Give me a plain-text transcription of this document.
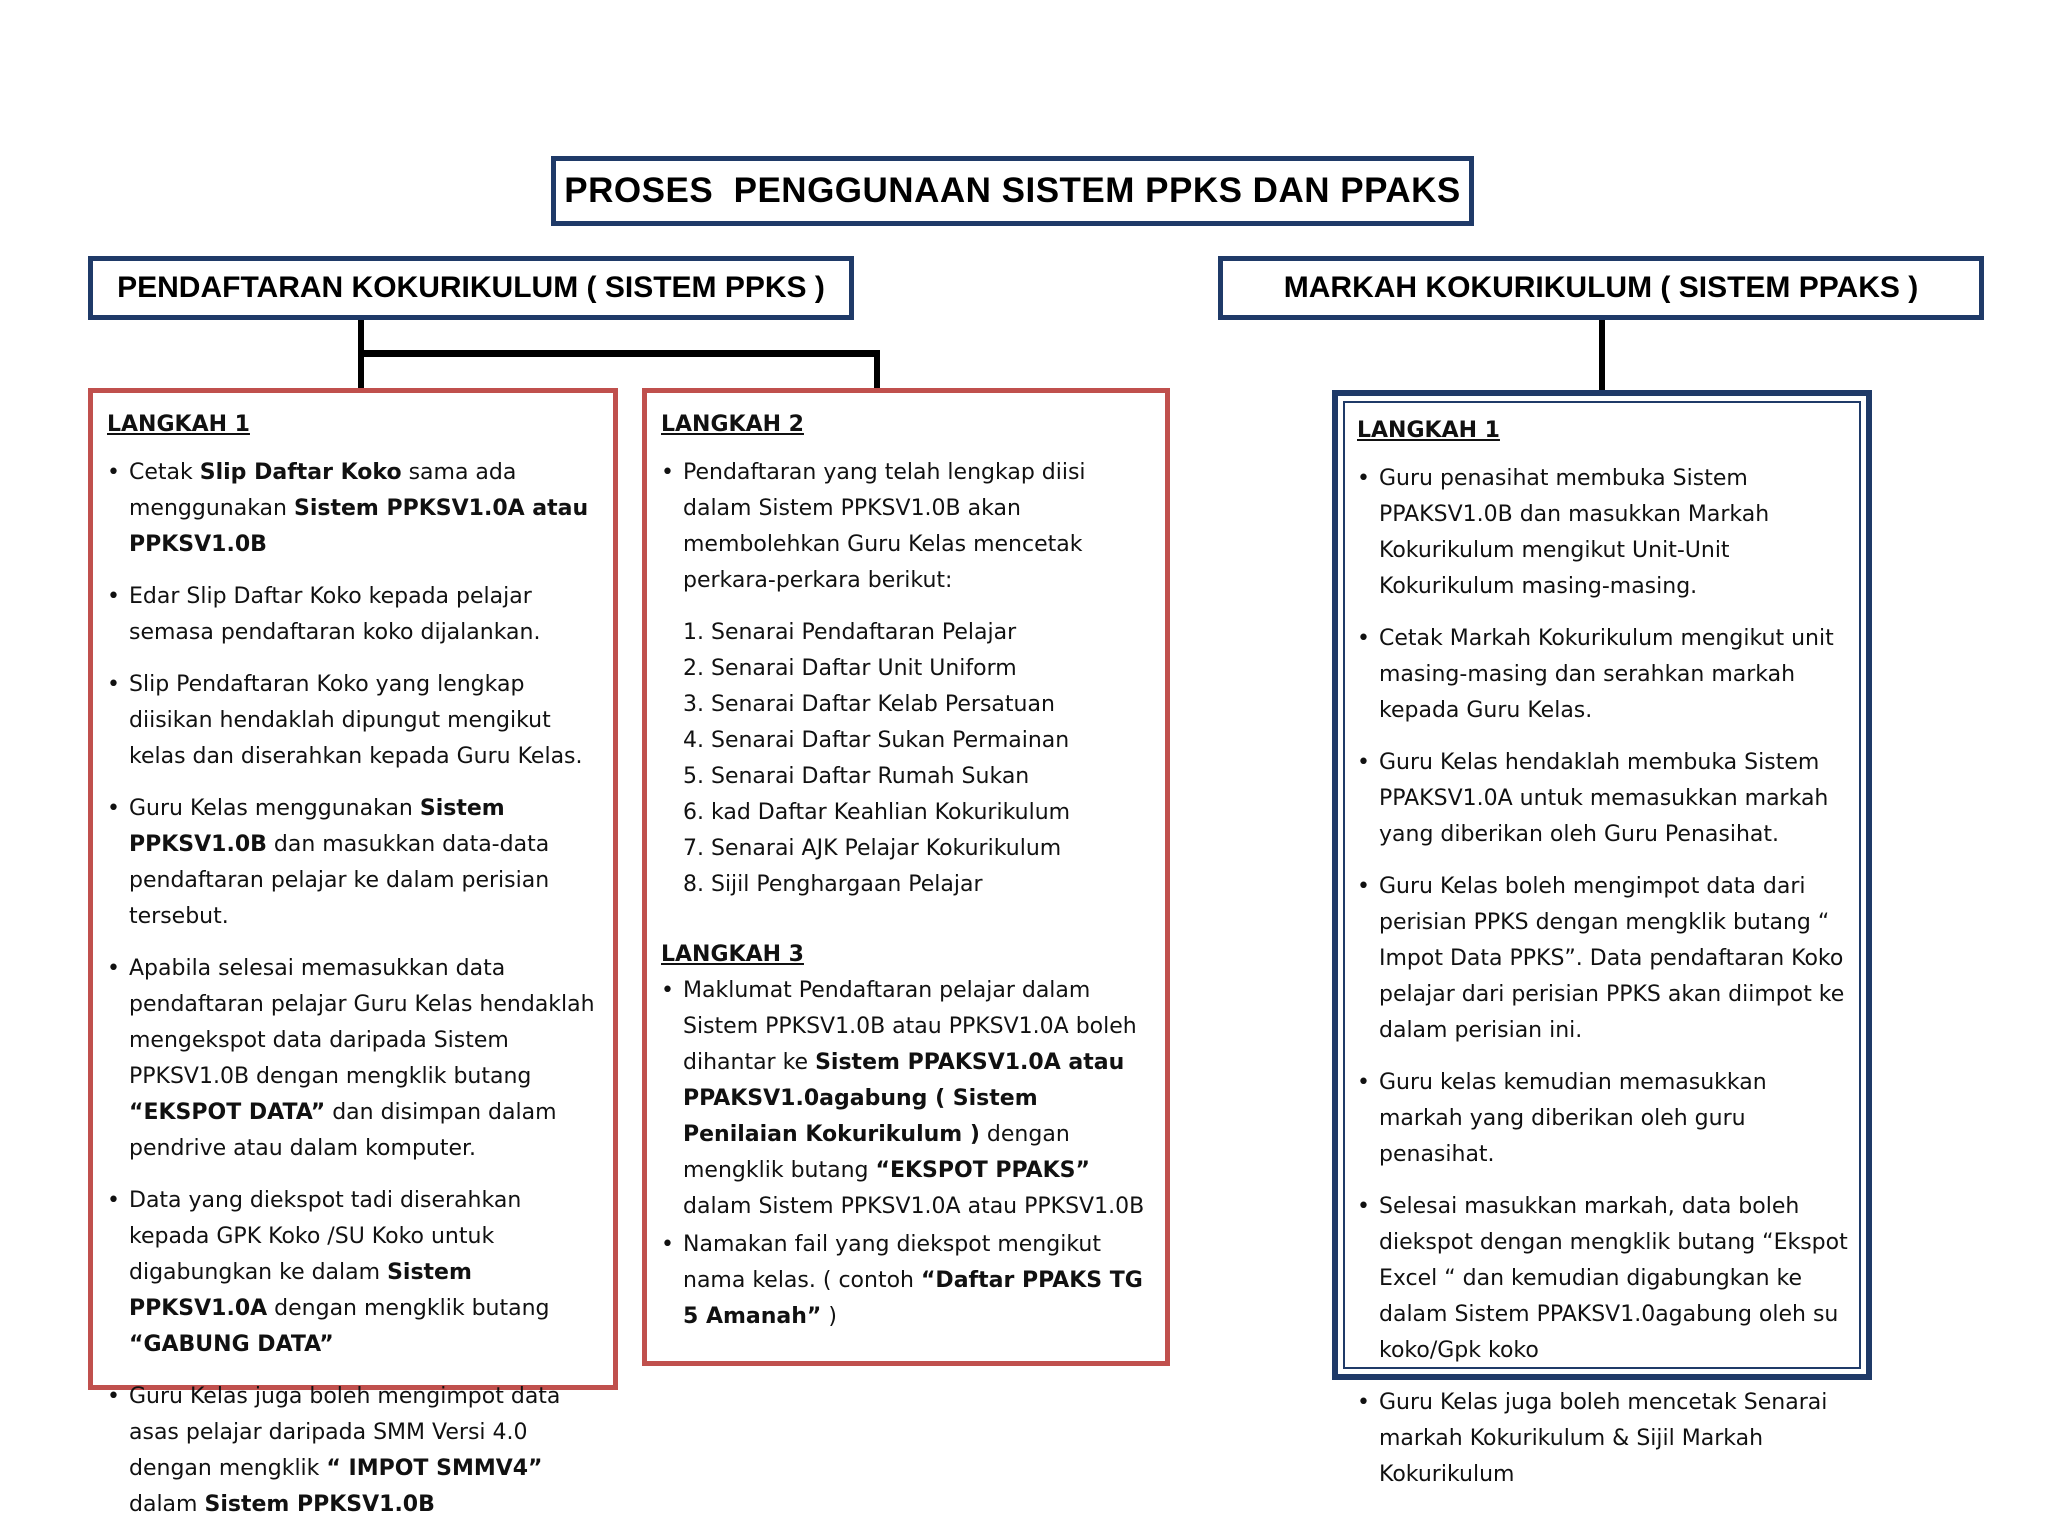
PROSES  PENGGUNAAN SISTEM PPKS DAN PPAKS
PENDAFTARAN KOKURIKULUM ( SISTEM PPKS )	MARKAH KOKURIKULUM ( SISTEM PPAKS )
LANGKAH 1
• Cetak Slip Daftar Koko sama ada menggunakan Sistem PPKSV1.0A atau PPKSV1.0B
• Edar Slip Daftar Koko kepada pelajar semasa pendaftaran koko dijalankan.
• Slip Pendaftaran Koko yang lengkap diisikan hendaklah dipungut mengikut kelas dan diserahkan kepada Guru Kelas.
• Guru Kelas menggunakan Sistem PPKSV1.0B dan masukkan data-data pendaftaran pelajar ke dalam perisian tersebut.
• Apabila selesai memasukkan data pendaftaran pelajar Guru Kelas hendaklah mengekspot data daripada Sistem PPKSV1.0B dengan mengklik butang “EKSPOT DATA” dan disimpan dalam pendrive atau dalam komputer.
• Data yang diekspot tadi diserahkan kepada GPK Koko /SU Koko untuk digabungkan ke dalam Sistem PPKSV1.0A dengan mengklik butang “GABUNG DATA”
• Guru Kelas juga boleh mengimpot data asas pelajar daripada SMM Versi 4.0 dengan mengklik “ IMPOT SMMV4” dalam Sistem PPKSV1.0B
LANGKAH 2
• Pendaftaran yang telah lengkap diisi dalam Sistem PPKSV1.0B akan membolehkan Guru Kelas mencetak perkara-perkara berikut:
1. Senarai Pendaftaran Pelajar
2. Senarai Daftar Unit Uniform
3. Senarai Daftar Kelab Persatuan
4. Senarai Daftar Sukan Permainan
5. Senarai Daftar Rumah Sukan
6. kad Daftar Keahlian Kokurikulum
7. Senarai AJK Pelajar Kokurikulum
8. Sijil Penghargaan Pelajar
LANGKAH 3
• Maklumat Pendaftaran pelajar dalam Sistem PPKSV1.0B atau PPKSV1.0A boleh dihantar ke Sistem PPAKSV1.0A atau PPAKSV1.0agabung ( Sistem Penilaian Kokurikulum ) dengan mengklik butang “EKSPOT PPAKS” dalam Sistem PPKSV1.0A atau PPKSV1.0B
• Namakan fail yang diekspot mengikut nama kelas. ( contoh “Daftar PPAKS TG 5 Amanah” )
LANGKAH 1
• Guru penasihat membuka Sistem PPAKSV1.0B dan masukkan Markah Kokurikulum mengikut Unit-Unit Kokurikulum masing-masing.
• Cetak Markah Kokurikulum mengikut unit masing-masing dan serahkan markah kepada Guru Kelas.
• Guru Kelas hendaklah membuka Sistem PPAKSV1.0A untuk memasukkan markah yang diberikan oleh Guru Penasihat.
• Guru Kelas boleh mengimpot data dari perisian PPKS dengan mengklik butang “ Impot Data PPKS”. Data pendaftaran Koko pelajar dari perisian PPKS akan diimpot ke dalam perisian ini.
• Guru kelas kemudian memasukkan markah yang diberikan oleh guru penasihat.
• Selesai masukkan markah, data boleh diekspot dengan mengklik butang “Ekspot Excel “ dan kemudian digabungkan ke dalam Sistem PPAKSV1.0agabung oleh su koko/Gpk koko
• Guru Kelas juga boleh mencetak Senarai markah Kokurikulum & Sijil Markah Kokurikulum
